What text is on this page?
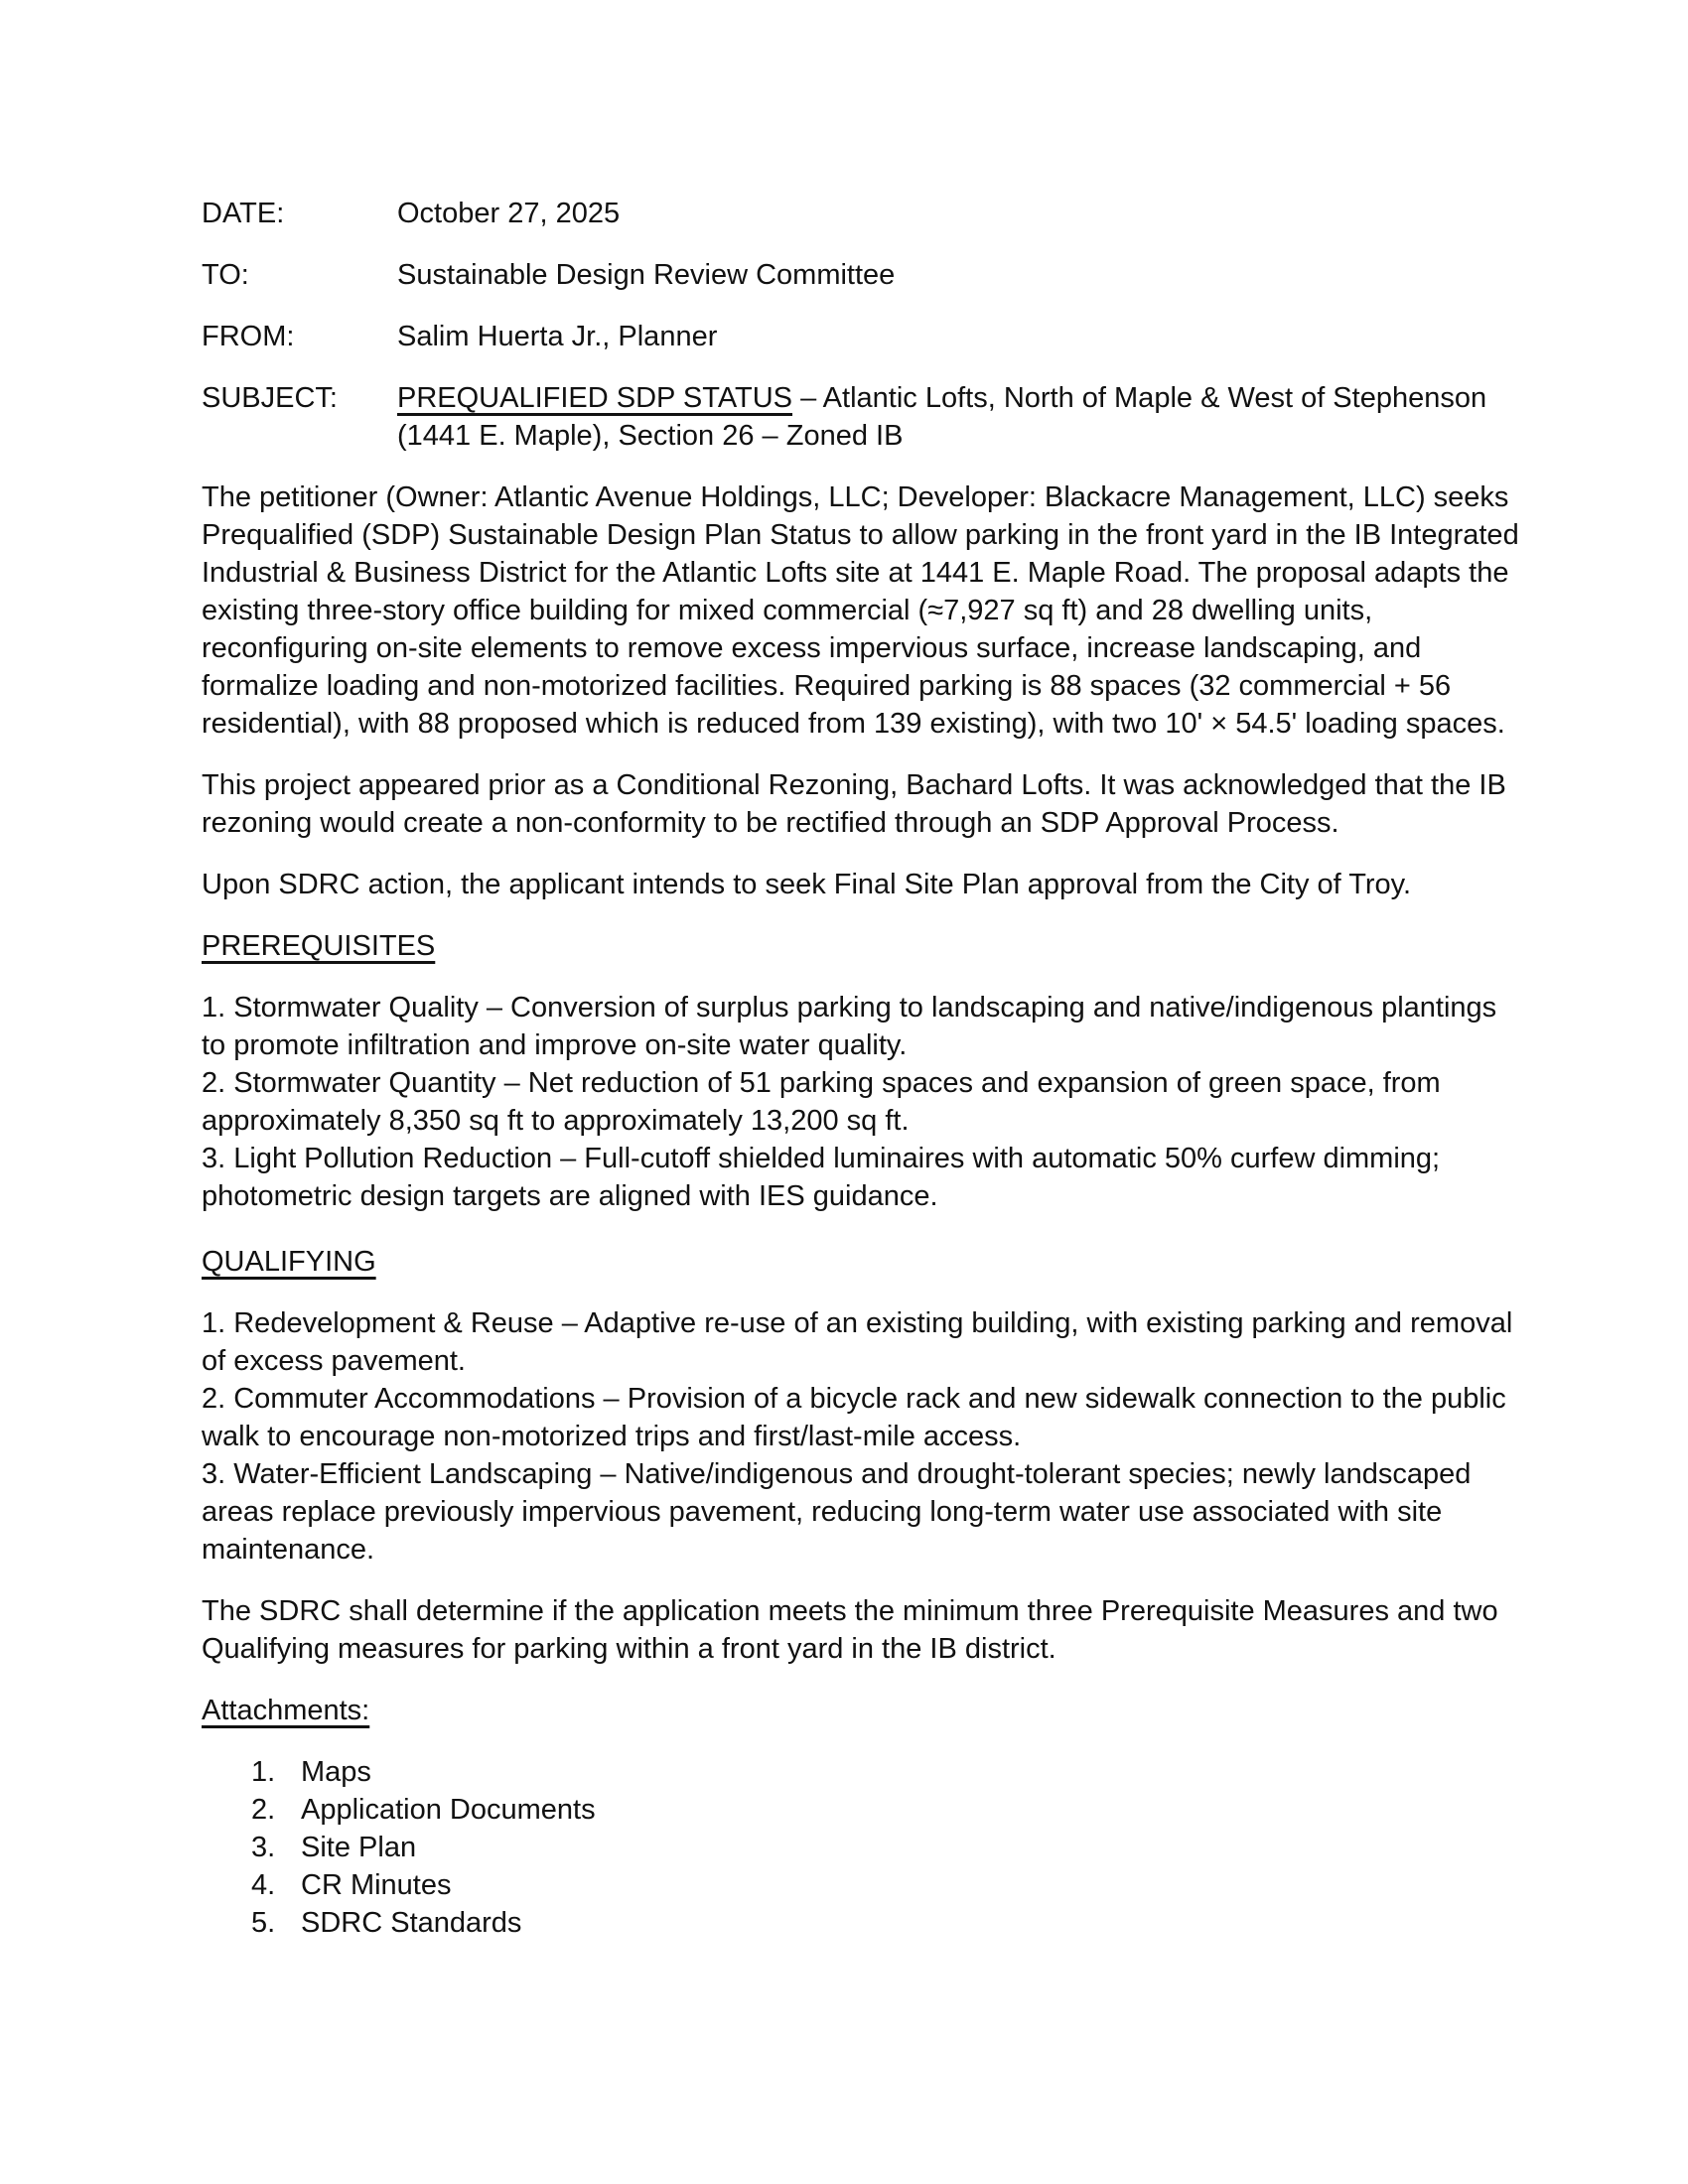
DATE:	October 27, 2025
TO:	Sustainable Design Review Committee
FROM:	Salim Huerta Jr., Planner
SUBJECT:	PREQUALIFIED SDP STATUS – Atlantic Lofts, North of Maple & West of Stephenson (1441 E. Maple), Section 26 – Zoned IB

The petitioner (Owner: Atlantic Avenue Holdings, LLC; Developer: Blackacre Management, LLC) seeks Prequalified (SDP) Sustainable Design Plan Status to allow parking in the front yard in the IB Integrated Industrial & Business District for the Atlantic Lofts site at 1441 E. Maple Road. The proposal adapts the existing three-story office building for mixed commercial (≈7,927 sq ft) and 28 dwelling units, reconfiguring on-site elements to remove excess impervious surface, increase landscaping, and formalize loading and non-motorized facilities. Required parking is 88 spaces (32 commercial + 56 residential), with 88 proposed which is reduced from 139 existing), with two 10' × 54.5' loading spaces.

This project appeared prior as a Conditional Rezoning, Bachard Lofts. It was acknowledged that the IB rezoning would create a non-conformity to be rectified through an SDP Approval Process.

Upon SDRC action, the applicant intends to seek Final Site Plan approval from the City of Troy.

PREREQUISITES
1. Stormwater Quality – Conversion of surplus parking to landscaping and native/indigenous plantings to promote infiltration and improve on-site water quality.
2. Stormwater Quantity – Net reduction of 51 parking spaces and expansion of green space, from approximately 8,350 sq ft to approximately 13,200 sq ft.
3. Light Pollution Reduction – Full-cutoff shielded luminaires with automatic 50% curfew dimming; photometric design targets are aligned with IES guidance.
QUALIFYING
1. Redevelopment & Reuse – Adaptive re-use of an existing building, with existing parking and removal of excess pavement.
2. Commuter Accommodations – Provision of a bicycle rack and new sidewalk connection to the public walk to encourage non-motorized trips and first/last-mile access.
3. Water-Efficient Landscaping – Native/indigenous and drought-tolerant species; newly landscaped areas replace previously impervious pavement, reducing long-term water use associated with site maintenance.

The SDRC shall determine if the application meets the minimum three Prerequisite Measures and two Qualifying measures for parking within a front yard in the IB district.

Attachments:
1. Maps
2. Application Documents
3. Site Plan
4. CR Minutes
5. SDRC Standards
